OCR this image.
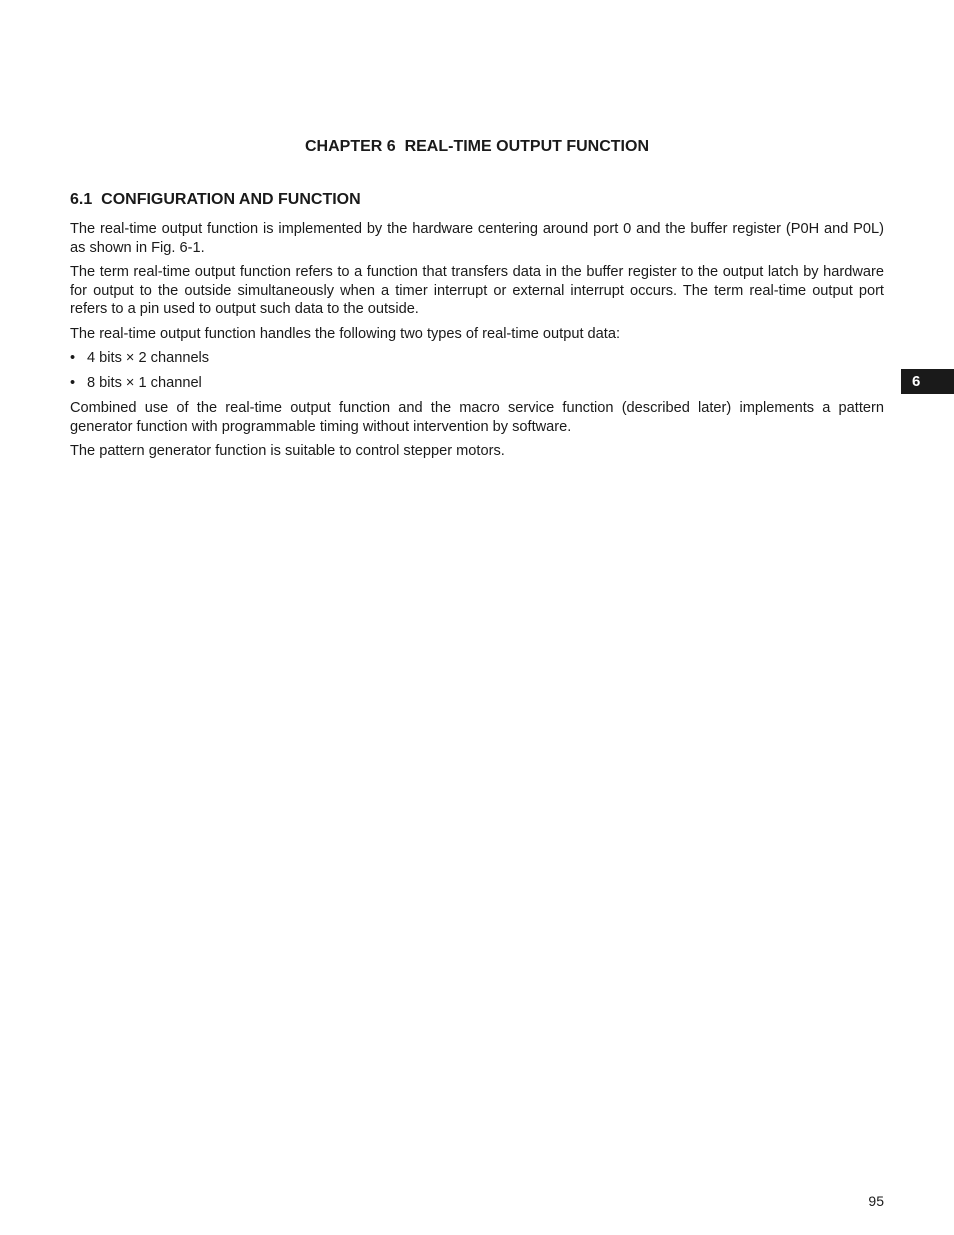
CHAPTER 6  REAL-TIME OUTPUT FUNCTION
6.1  CONFIGURATION AND FUNCTION

The real-time output function is implemented by the hardware centering around port 0 and the buffer register (P0H and P0L) as shown in Fig. 6-1.

The term real-time output function refers to a function that transfers data in the buffer register to the output latch by hardware for output to the outside simultaneously when a timer interrupt or external interrupt occurs. The term real-time output port refers to a pin used to output such data to the outside.

The real-time output function handles the following two types of real-time output data:

• 4 bits × 2 channels
• 8 bits × 1 channel

Combined use of the real-time output function and the macro service function (described later) implements a pattern generator function with programmable timing without intervention by software.

The pattern generator function is suitable to control stepper motors.

6
95
